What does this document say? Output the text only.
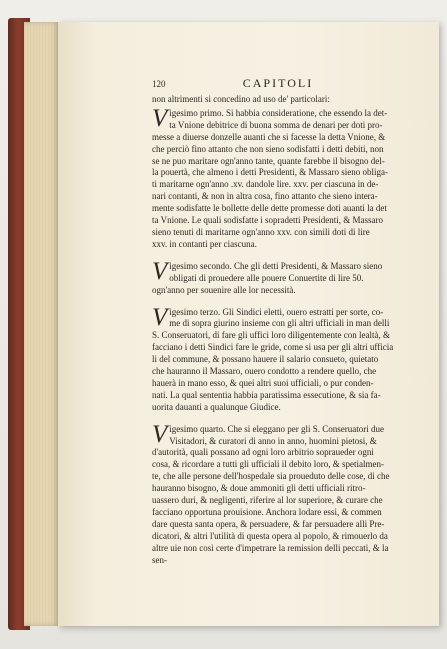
120	CAPITOLI
non altrimenti si concedino ad uso de' particolari:
V igesimo primo. Si habbia consideratione, che essendo la det-
ta Vnione debitrice di buona somma de denari per doti pro-
messe a diuerse donzelle auanti che si facesse la detta Vnione, &
che perciò fino attanto che non sieno sodisfatti i detti debiti, non
se ne puo maritare ogn'anno tante, quante farebbe il bisogno del-
la pouertà, che almeno i detti Presidenti, & Massaro sieno obliga-
ti maritarne ogn'anno .xv. dandole lire. xxv. per ciascuna in de-
nari contanti, & non in altra cosa, fino attanto che sieno intera-
mente sodisfatte le bollette delle dette promesse doti auanti la det
ta Vnione. Le quali sodisfatte i sopradetti Presidenti, & Massaro
sieno tenuti di maritarne ogn'anno xxv. con simili doti di lire
xxv. in contanti per ciascuna.
V igesimo secondo. Che gli detti Presidenti, & Massaro sieno
obligati di prouedere alle pouere Conuertite di lire 50.
ogn'anno per souenire alle lor necessità.
V igesimo terzo. Gli Sindici eletti, ouero estratti per sorte, co-
me di sopra giurino insieme con gli altri ufficiali in man delli
S. Conseruatori, di fare gli uffici loro diligentemente con lealtà, &
facciano i detti Sindici fare le gride, come si usa per gli altri ufficia
li del commune, & possano hauere il salario consueto, quietato
che hauranno il Massaro, ouero condotto a rendere quello, che
hauerà in mano esso, & quei altri suoi ufficiali, o pur conden-
nati. La qual sententia habbia paratissima essecutione, & sia fa-
uorita dauanti a qualunque Giudice.
V igesimo quarto. Che si eleggano per gli S. Conseruatori due
Visitadori, & curatori di anno in anno, huomini pietosi, &
d'autorità, quali possano ad ogni loro arbitrio sopraueder ogni
cosa, & ricordare a tutti gli ufficiali il debito loro, & spetialmen-
te, che alle persone dell'hospedale sia proueduto delle cose, di che
hauranno bisogno, & doue ammoniti gli detti ufficiali ritro-
uassero duri, & negligenti, riferire al lor superiore, & curare che
facciano opportuna prouisione. Anchora lodare essi, & commen
dare questa santa opera, & persuadere, & far persuadere alli Pre-
dicatori, & altri l'utilità di questa opera al popolo, & rimouerlo da
altre uie non così certe d'impetrare la remission delli peccati, & la
sen-
